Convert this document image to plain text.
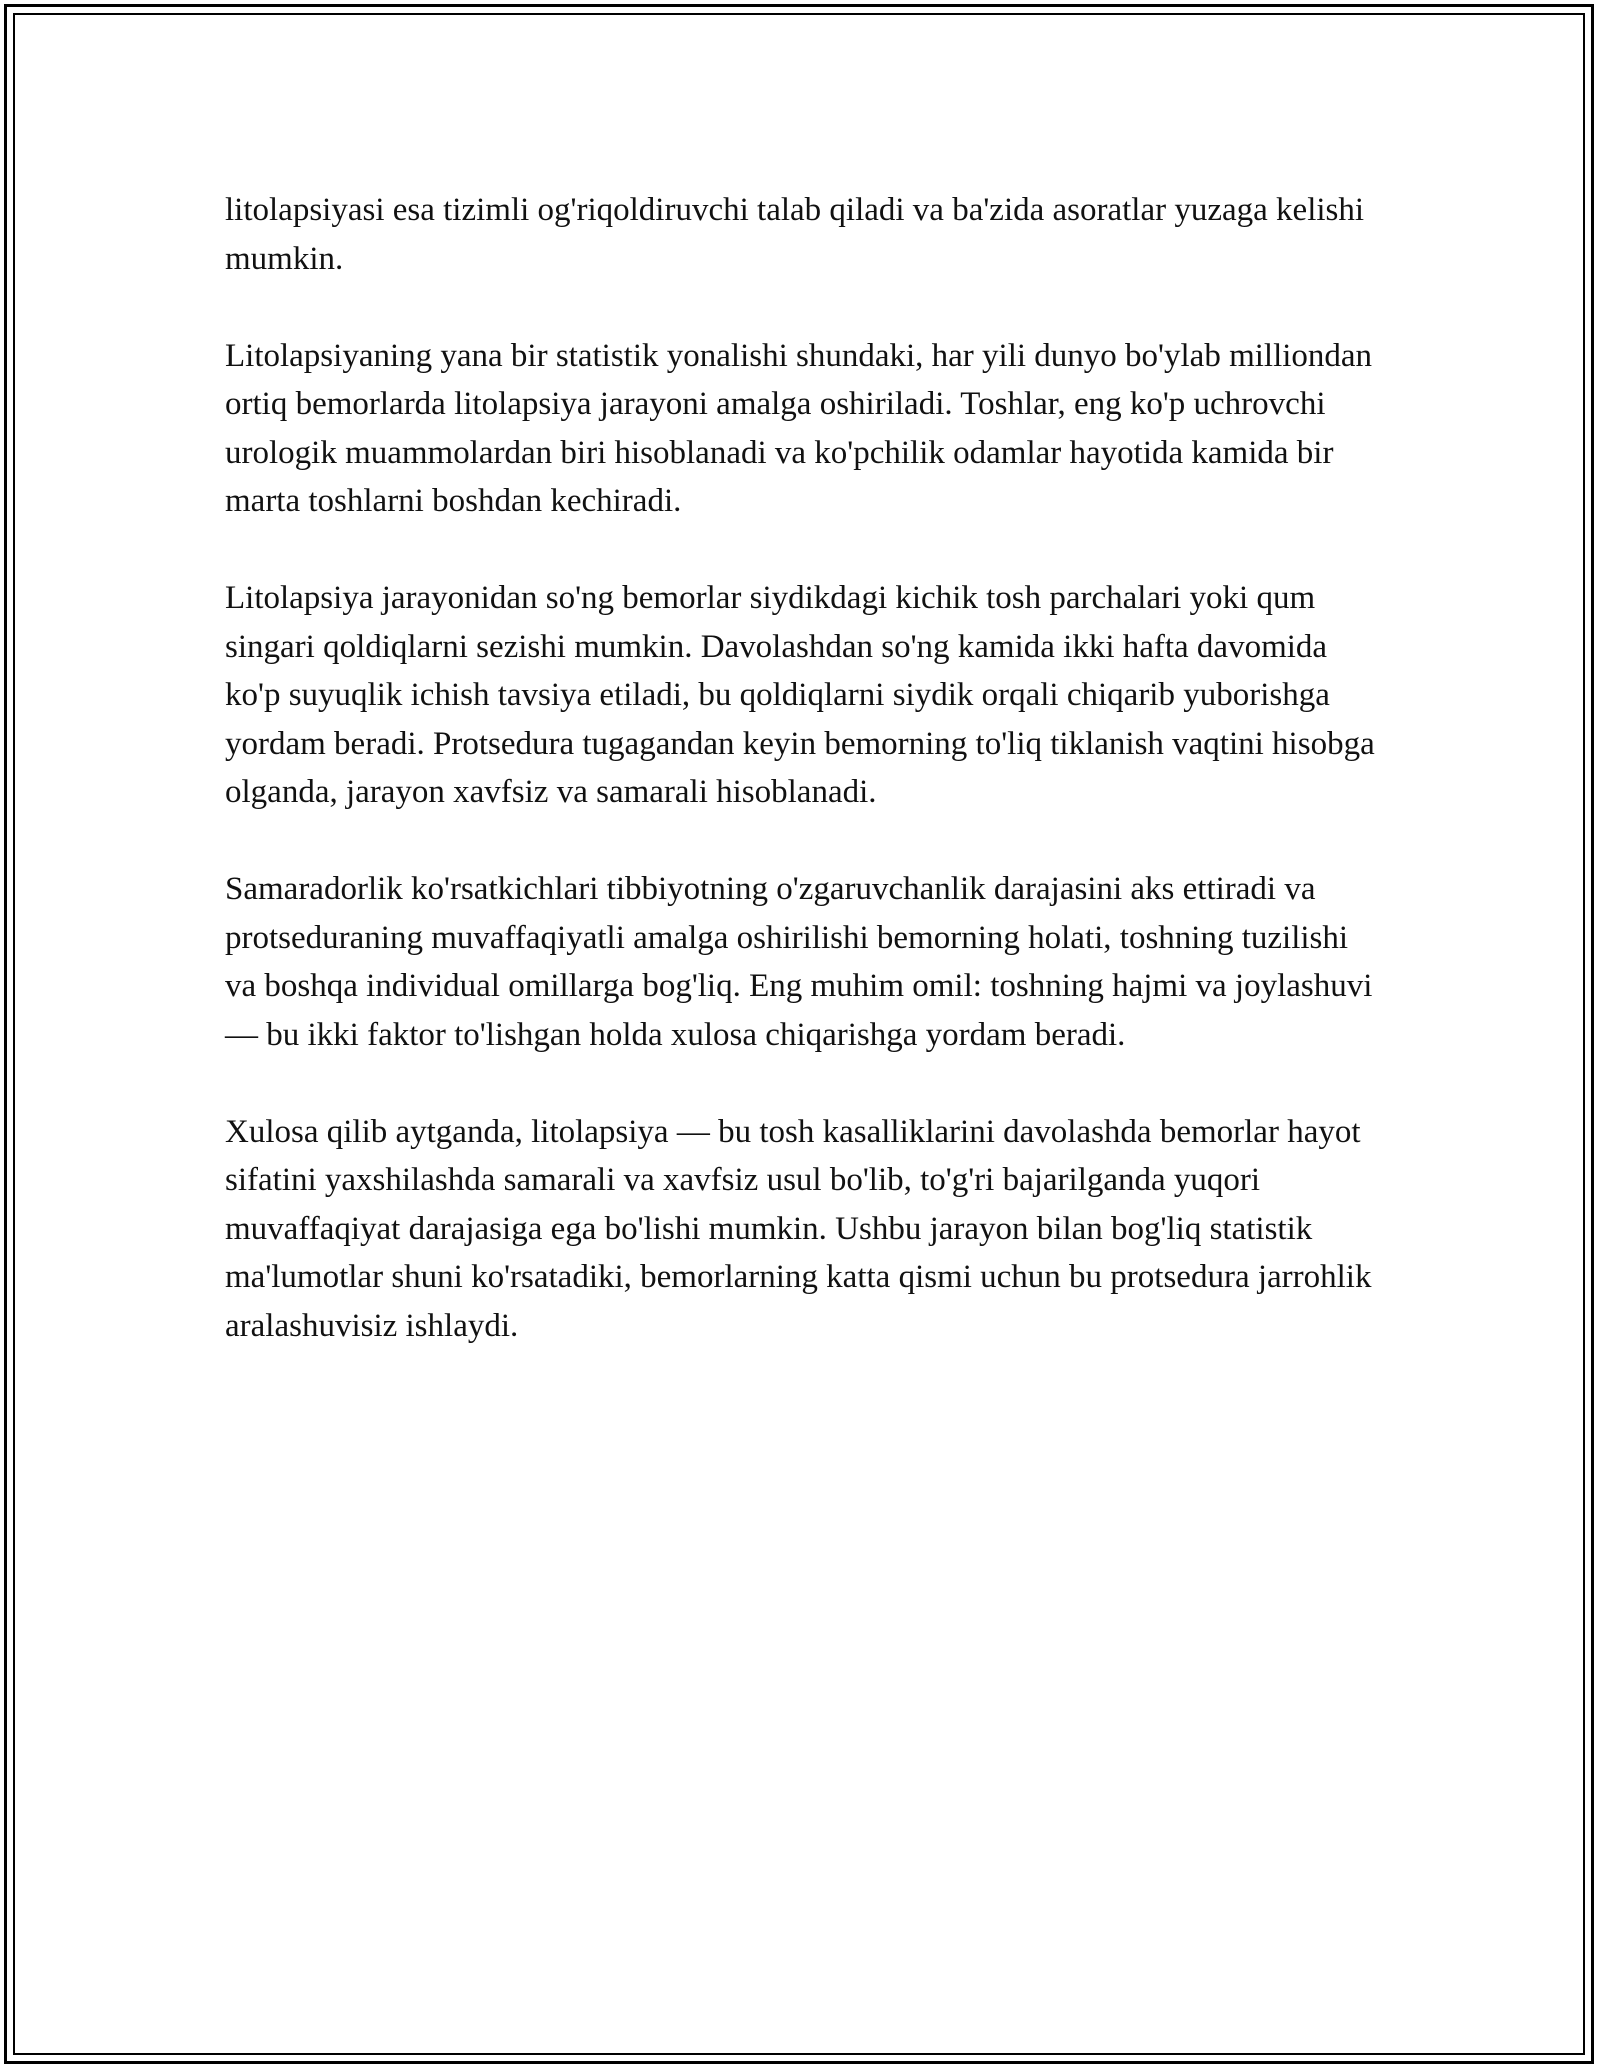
litolapsiyasi esa tizimli og'riqoldiruvchi talab qiladi va ba'zida asoratlar yuzaga kelishi mumkin.

Litolapsiyaning yana bir statistik yonalishi shundaki, har yili dunyo bo'ylab milliondan ortiq bemorlarda litolapsiya jarayoni amalga oshiriladi. Toshlar, eng ko'p uchrovchi urologik muammolardan biri hisoblanadi va ko'pchilik odamlar hayotida kamida bir marta toshlarni boshdan kechiradi.

Litolapsiya jarayonidan so'ng bemorlar siydikdagi kichik tosh parchalari yoki qum singari qoldiqlarni sezishi mumkin. Davolashdan so'ng kamida ikki hafta davomida ko'p suyuqlik ichish tavsiya etiladi, bu qoldiqlarni siydik orqali chiqarib yuborishga yordam beradi. Protsedura tugagandan keyin bemorning to'liq tiklanish vaqtini hisobga olganda, jarayon xavfsiz va samarali hisoblanadi.

Samaradorlik ko'rsatkichlari tibbiyotning o'zgaruvchanlik darajasini aks ettiradi va protseduraning muvaffaqiyatli amalga oshirilishi bemorning holati, toshning tuzilishi va boshqa individual omillarga bog'liq. Eng muhim omil: toshning hajmi va joylashuvi — bu ikki faktor to'lishgan holda xulosa chiqarishga yordam beradi.

Xulosa qilib aytganda, litolapsiya — bu tosh kasalliklarini davolashda bemorlar hayot sifatini yaxshilashda samarali va xavfsiz usul bo'lib, to'g'ri bajarilganda yuqori muvaffaqiyat darajasiga ega bo'lishi mumkin. Ushbu jarayon bilan bog'liq statistik ma'lumotlar shuni ko'rsatadiki, bemorlarning katta qismi uchun bu protsedura jarrohlik aralashuvisiz ishlaydi.
